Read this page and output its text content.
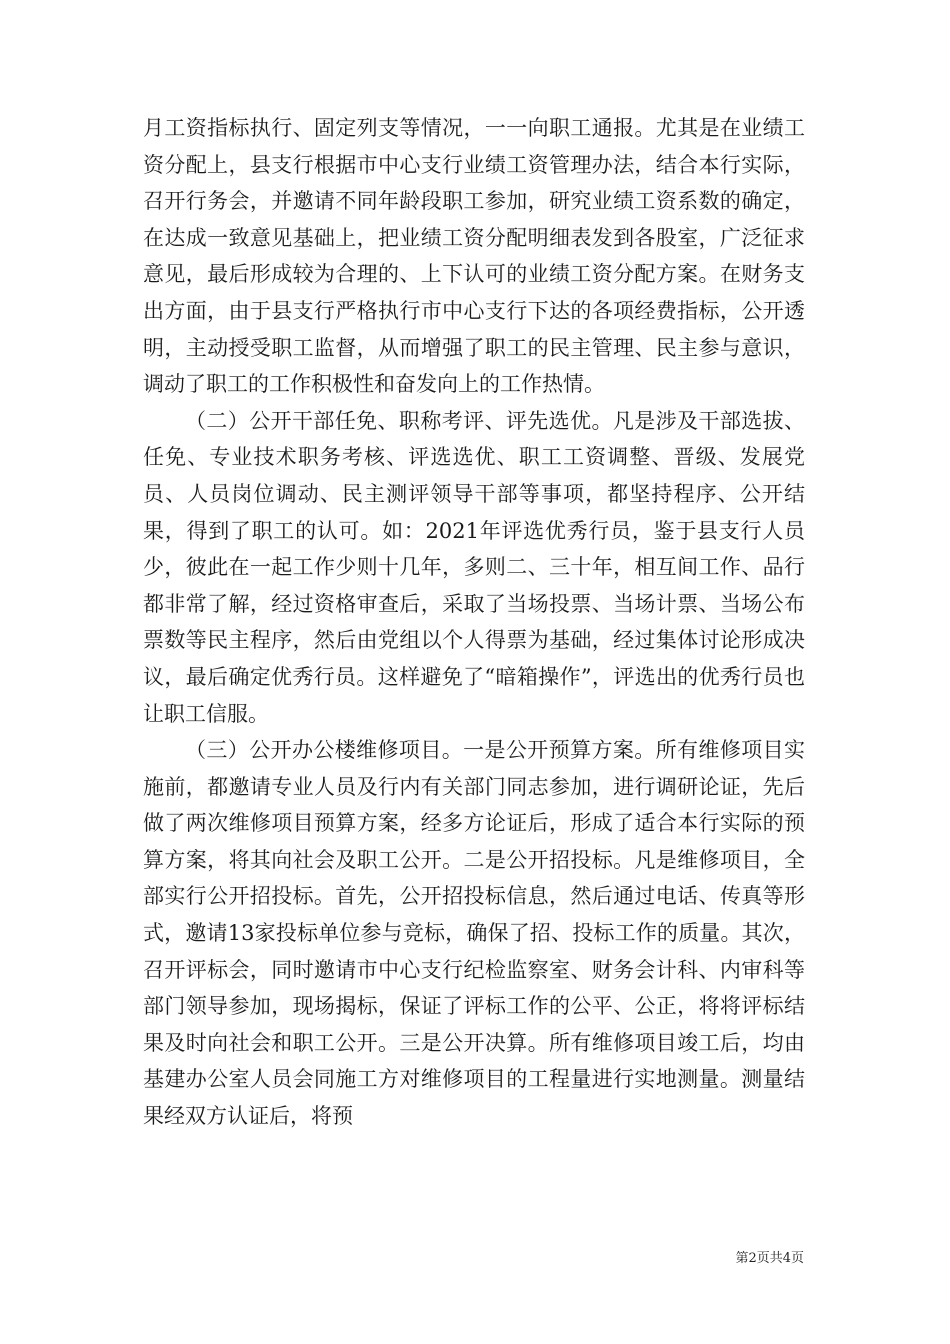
月工资指标执行、固定列支等情况，一一向职工通报。尤其是在业绩工资分配上，县支行根据市中心支行业绩工资管理办法，结合本行实际，召开行务会，并邀请不同年龄段职工参加，研究业绩工资系数的确定，在达成一致意见基础上，把业绩工资分配明细表发到各股室，广泛征求意见，最后形成较为合理的、上下认可的业绩工资分配方案。在财务支出方面，由于县支行严格执行市中心支行下达的各项经费指标，公开透明，主动授受职工监督，从而增强了职工的民主管理、民主参与意识，调动了职工的工作积极性和奋发向上的工作热情。

（二）公开干部任免、职称考评、评先选优。凡是涉及干部选拔、任免、专业技术职务考核、评选选优、职工工资调整、晋级、发展党员、人员岗位调动、民主测评领导干部等事项，都坚持程序、公开结果，得到了职工的认可。如：2021年评选优秀行员，鉴于县支行人员少，彼此在一起工作少则十几年，多则二、三十年，相互间工作、品行都非常了解，经过资格审查后，采取了当场投票、当场计票、当场公布票数等民主程序，然后由党组以个人得票为基础，经过集体讨论形成决议，最后确定优秀行员。这样避免了“暗箱操作”，评选出的优秀行员也让职工信服。

（三）公开办公楼维修项目。一是公开预算方案。所有维修项目实施前，都邀请专业人员及行内有关部门同志参加，进行调研论证，先后做了两次维修项目预算方案，经多方论证后，形成了适合本行实际的预算方案，将其向社会及职工公开。二是公开招投标。凡是维修项目，全部实行公开招投标。首先，公开招投标信息，然后通过电话、传真等形式，邀请13家投标单位参与竞标，确保了招、投标工作的质量。其次，召开评标会，同时邀请市中心支行纪检监察室、财务会计科、内审科等部门领导参加，现场揭标，保证了评标工作的公平、公正，将将评标结果及时向社会和职工公开。三是公开决算。所有维修项目竣工后，均由基建办公室人员会同施工方对维修项目的工程量进行实地测量。测量结果经双方认证后，将预

第2页共4页
